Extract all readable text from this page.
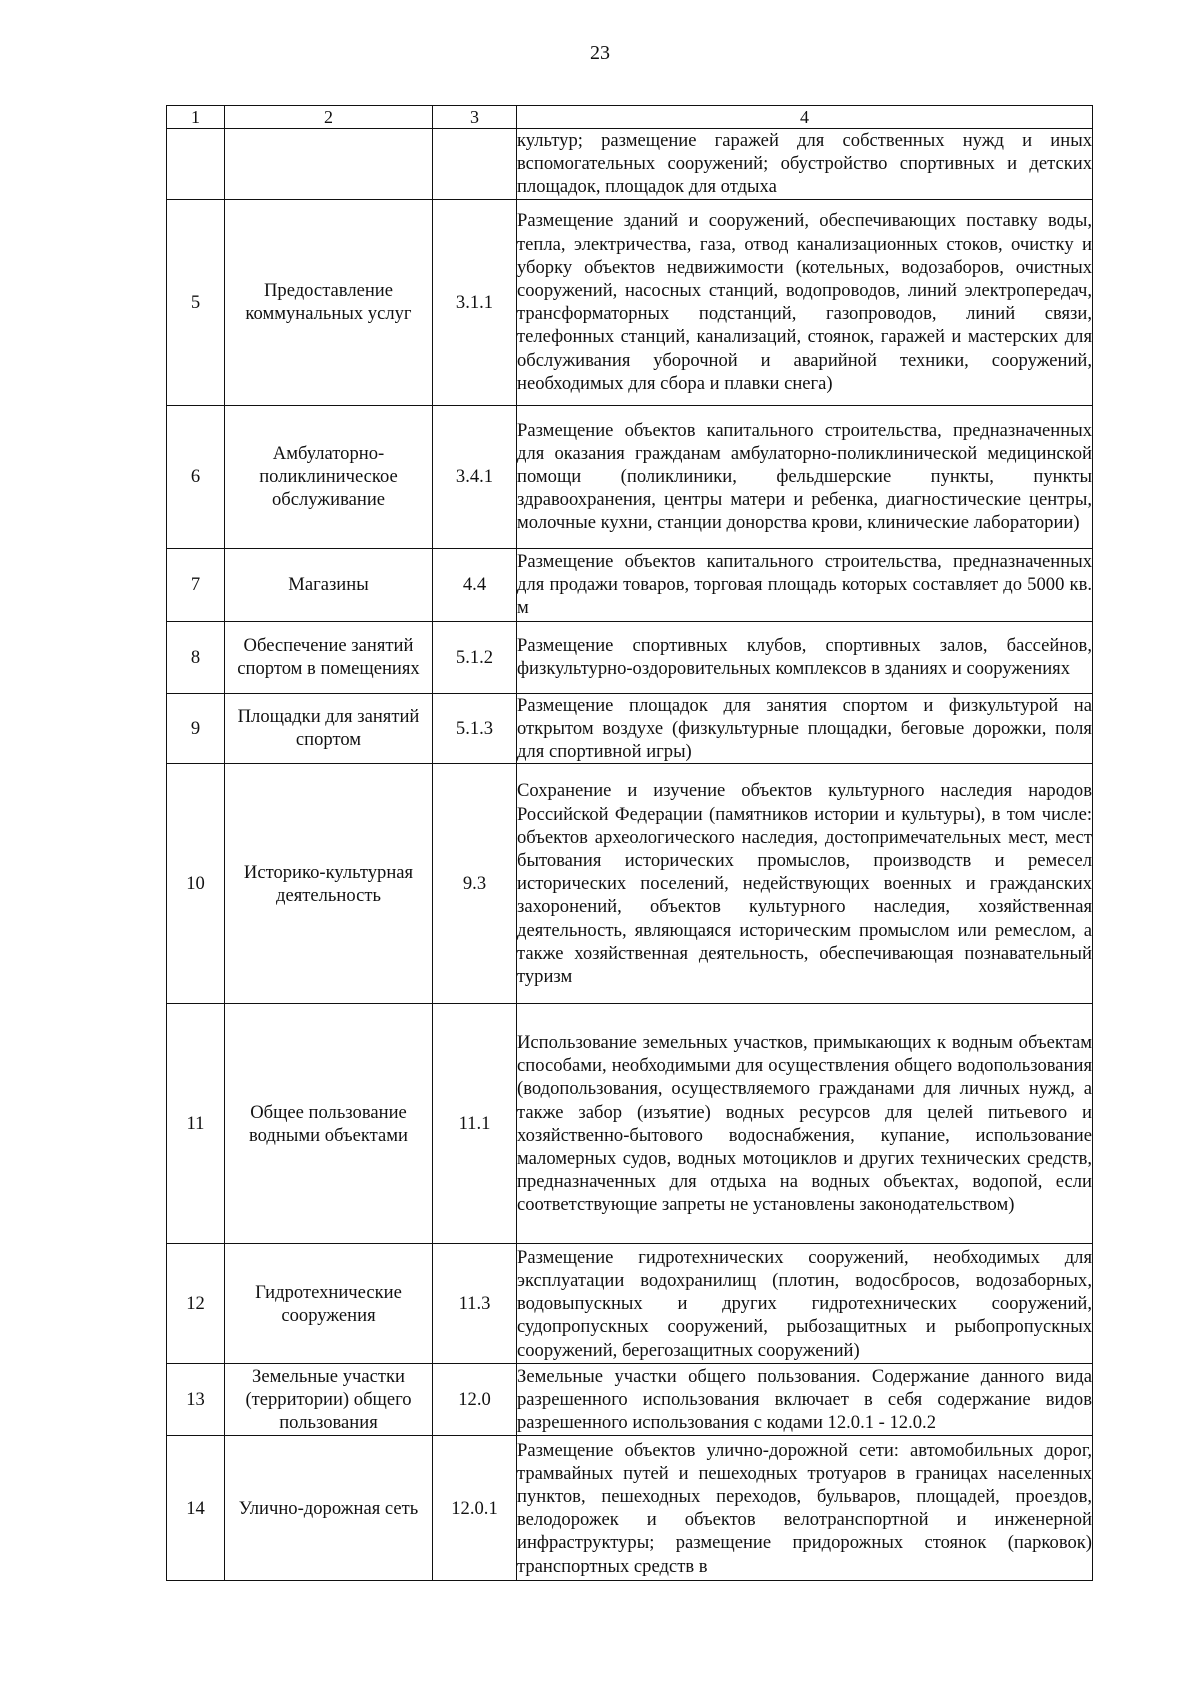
23
1	2	3	4
			культур; размещение гаражей для собственных нужд и иных вспомогательных сооружений; обустройство спортивных и детских площадок, площадок для отдыха
5	Предоставление коммунальных услуг	3.1.1	Размещение зданий и сооружений, обеспечивающих поставку воды, тепла, электричества, газа, отвод канализационных стоков, очистку и уборку объектов недвижимости (котельных, водозаборов, очистных сооружений, насосных станций, водопроводов, линий электропередач, трансформаторных подстанций, газопроводов, линий связи, телефонных станций, канализаций, стоянок, гаражей и мастерских для обслуживания уборочной и аварийной техники, сооружений, необходимых для сбора и плавки снега)
6	Амбулаторно-поликлиническое обслуживание	3.4.1	Размещение объектов капитального строительства, предназначенных для оказания гражданам амбулаторно-поликлинической медицинской помощи (поликлиники, фельдшерские пункты, пункты здравоохранения, центры матери и ребенка, диагностические центры, молочные кухни, станции донорства крови, клинические лаборатории)
7	Магазины	4.4	Размещение объектов капитального строительства, предназначенных для продажи товаров, торговая площадь которых составляет до 5000 кв. м
8	Обеспечение занятий спортом в помещениях	5.1.2	Размещение спортивных клубов, спортивных залов, бассейнов, физкультурно-оздоровительных комплексов в зданиях и сооружениях
9	Площадки для занятий спортом	5.1.3	Размещение площадок для занятия спортом и физкультурой на открытом воздухе (физкультурные площадки, беговые дорожки, поля для спортивной игры)
10	Историко-культурная деятельность	9.3	Сохранение и изучение объектов культурного наследия народов Российской Федерации (памятников истории и культуры), в том числе: объектов археологического наследия, достопримечательных мест, мест бытования исторических промыслов, производств и ремесел исторических поселений, недействующих военных и гражданских захоронений, объектов культурного наследия, хозяйственная деятельность, являющаяся историческим промыслом или ремеслом, а также хозяйственная деятельность, обеспечивающая познавательный туризм
11	Общее пользование водными объектами	11.1	Использование земельных участков, примыкающих к водным объектам способами, необходимыми для осуществления общего водопользования (водопользования, осуществляемого гражданами для личных нужд, а также забор (изъятие) водных ресурсов для целей питьевого и хозяйственно-бытового водоснабжения, купание, использование маломерных судов, водных мотоциклов и других технических средств, предназначенных для отдыха на водных объектах, водопой, если соответствующие запреты не установлены законодательством)
12	Гидротехнические сооружения	11.3	Размещение гидротехнических сооружений, необходимых для эксплуатации водохранилищ (плотин, водосбросов, водозаборных, водовыпускных и других гидротехнических сооружений, судопропускных сооружений, рыбозащитных и рыбопропускных сооружений, берегозащитных сооружений)
13	Земельные участки (территории) общего пользования	12.0	Земельные участки общего пользования. Содержание данного вида разрешенного использования включает в себя содержание видов разрешенного использования с кодами 12.0.1 - 12.0.2
14	Улично-дорожная сеть	12.0.1	Размещение объектов улично-дорожной сети: автомобильных дорог, трамвайных путей и пешеходных тротуаров в границах населенных пунктов, пешеходных переходов, бульваров, площадей, проездов, велодорожек и объектов велотранспортной и инженерной инфраструктуры; размещение придорожных стоянок (парковок) транспортных средств в
